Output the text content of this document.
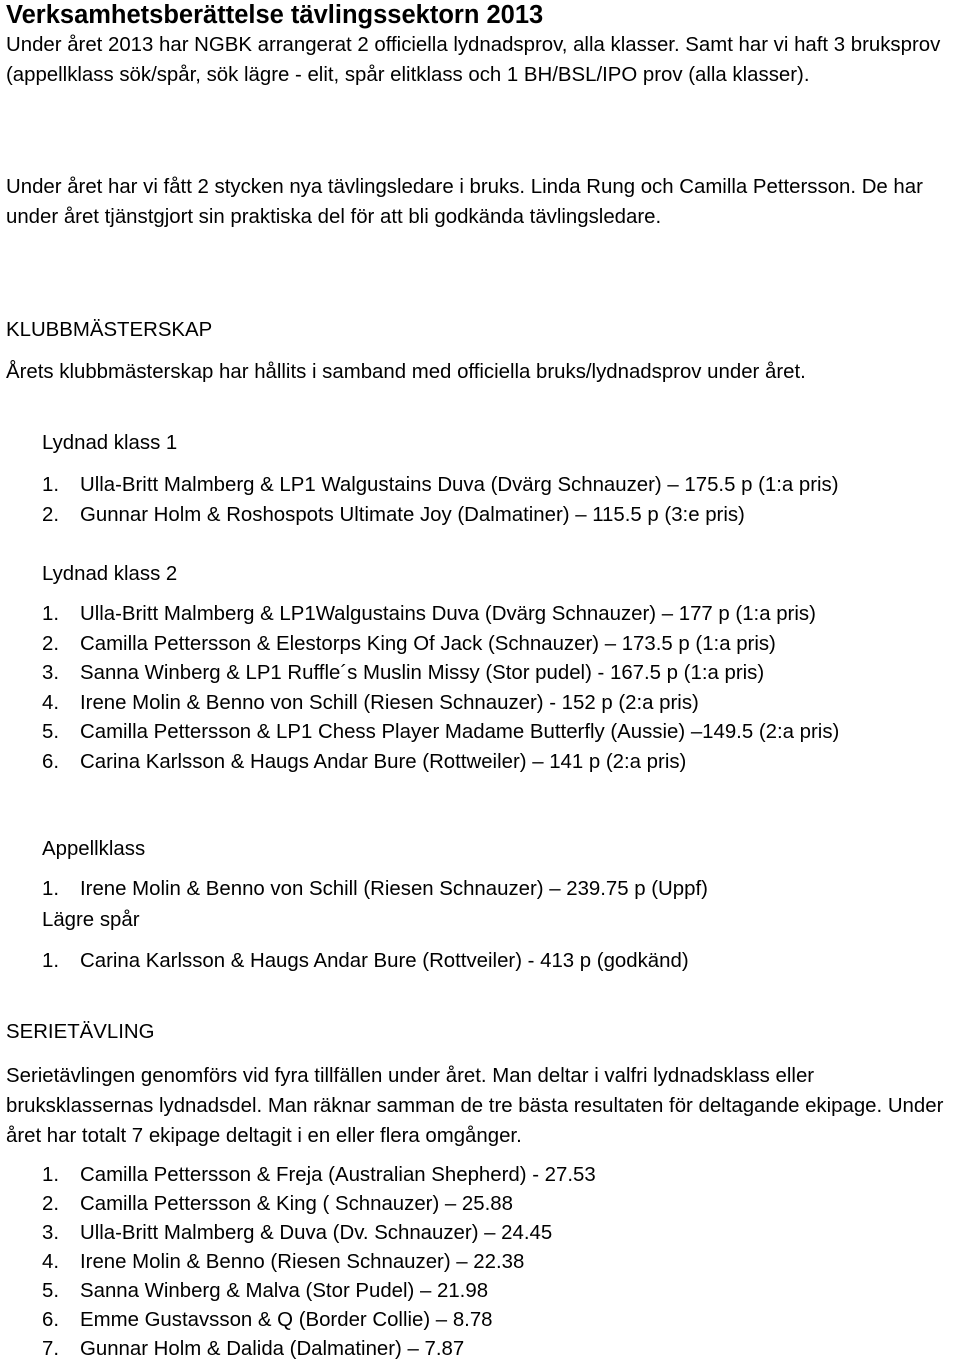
Verksamhetsberättelse tävlingssektorn 2013

Under året 2013 har NGBK arrangerat 2 officiella lydnadsprov, alla klasser. Samt har vi haft 3 bruksprov (appellklass sök/spår, sök lägre - elit, spår elitklass och 1 BH/BSL/IPO prov (alla klasser).

Under året har vi fått 2 stycken nya tävlingsledare i bruks. Linda Rung och Camilla Pettersson. De har under året tjänstgjort sin praktiska del för att bli godkända tävlingsledare.

KLUBBMÄSTERSKAP

Årets klubbmästerskap har hållits i samband med officiella bruks/lydnadsprov under året.

Lydnad klass 1
1.	Ulla-Britt Malmberg & LP1 Walgustains Duva (Dvärg Schnauzer) – 175.5 p (1:a pris)
2.	Gunnar Holm & Roshospots Ultimate Joy (Dalmatiner) – 115.5 p (3:e pris)
Lydnad klass 2
1.	Ulla-Britt Malmberg & LP1Walgustains Duva (Dvärg Schnauzer) – 177 p (1:a pris)
2.	Camilla Pettersson & Elestorps King Of Jack (Schnauzer) – 173.5 p (1:a pris)
3.	Sanna Winberg & LP1 Ruffle´s Muslin Missy (Stor pudel) - 167.5 p (1:a pris)
4.	Irene Molin & Benno von Schill (Riesen Schnauzer) - 152 p (2:a pris)
5.	Camilla Pettersson & LP1 Chess Player Madame Butterfly (Aussie) –149.5 (2:a pris)
6.	Carina Karlsson & Haugs Andar Bure (Rottweiler) – 141 p (2:a pris)
Appellklass
1.	Irene Molin & Benno von Schill (Riesen Schnauzer) – 239.75 p (Uppf)
Lägre spår
1.	Carina Karlsson & Haugs Andar Bure (Rottveiler) - 413 p (godkänd)
SERIETÄVLING

Serietävlingen genomförs vid fyra tillfällen under året. Man deltar i valfri lydnadsklass eller bruksklassernas lydnadsdel. Man räknar samman de tre bästa resultaten för deltagande ekipage. Under året har totalt 7 ekipage deltagit i en eller flera omgånger.

1.	Camilla Pettersson & Freja (Australian Shepherd) - 27.53
2.	Camilla Pettersson & King ( Schnauzer) – 25.88
3.	Ulla-Britt Malmberg & Duva (Dv. Schnauzer) – 24.45
4.	Irene Molin & Benno (Riesen Schnauzer) – 22.38
5.	Sanna Winberg & Malva (Stor Pudel) – 21.98
6.	Emme Gustavsson & Q (Border Collie) – 8.78
7.	Gunnar Holm & Dalida (Dalmatiner) – 7.87
